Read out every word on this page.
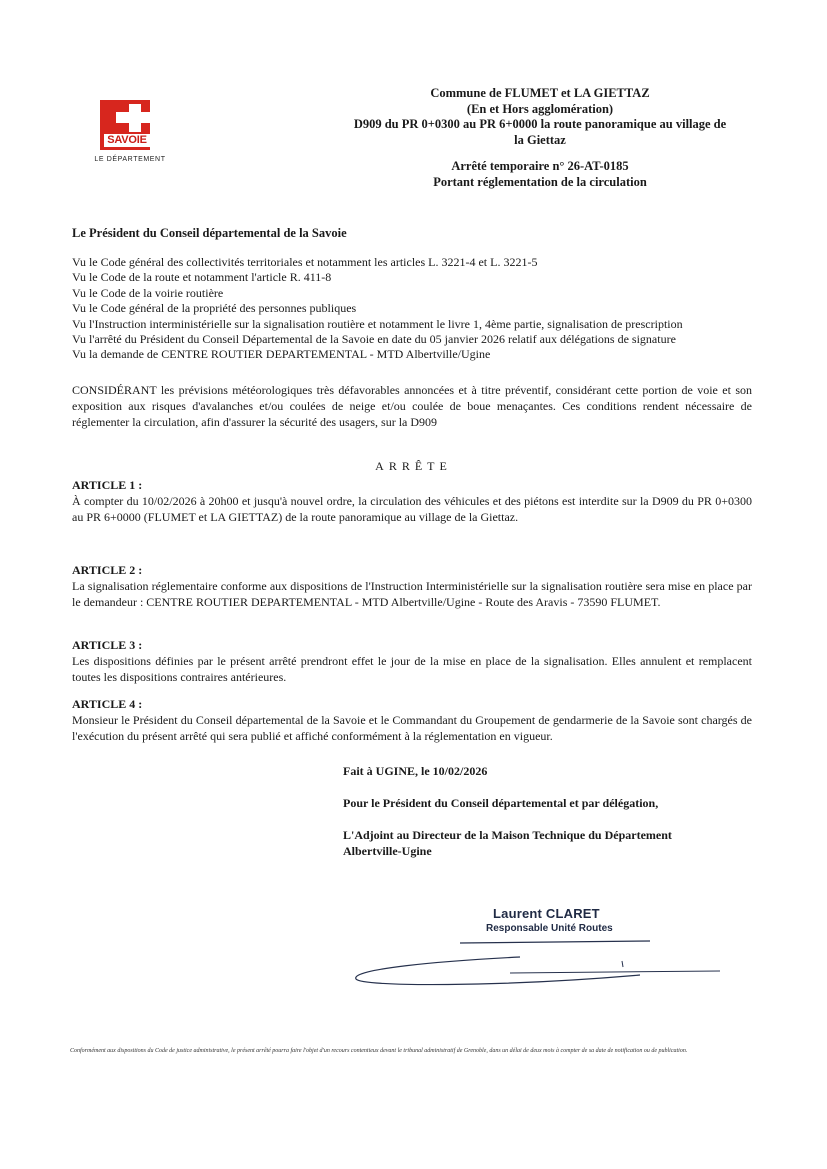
SAVOIE
LE DÉPARTEMENT
Commune de FLUMET et LA GIETTAZ
(En et Hors agglomération)
D909 du PR 0+0300 au PR 6+0000 la route panoramique au village de
la Giettaz
Arrêté temporaire n° 26-AT-0185
Portant réglementation de la circulation
Le Président du Conseil départemental de la Savoie
Vu le Code général des collectivités territoriales et notamment les articles L. 3221-4 et L. 3221-5
Vu le Code de la route et notamment l'article R. 411-8
Vu le Code de la voirie routière
Vu le Code général de la propriété des personnes publiques
Vu l'Instruction interministérielle sur la signalisation routière et notamment le livre 1, 4ème partie, signalisation de prescription
Vu l'arrêté du Président du Conseil Départemental de la Savoie en date du 05 janvier 2026 relatif aux délégations de signature
Vu la demande de CENTRE ROUTIER DEPARTEMENTAL - MTD Albertville/Ugine
CONSIDÉRANT les prévisions météorologiques très défavorables annoncées et à titre préventif, considérant cette portion de voie et son exposition aux risques d'avalanches et/ou coulées de neige et/ou coulée de boue menaçantes. Ces conditions rendent nécessaire de réglementer la circulation, afin d'assurer la sécurité des usagers, sur la D909
ARRÊTE
ARTICLE 1 :
À compter du 10/02/2026 à 20h00 et jusqu'à nouvel ordre, la circulation des véhicules et des piétons est interdite sur la D909 du PR 0+0300 au PR 6+0000 (FLUMET et LA GIETTAZ) de la route panoramique au village de la Giettaz.
ARTICLE 2 :
La signalisation réglementaire conforme aux dispositions de l'Instruction Interministérielle sur la signalisation routière sera mise en place par le demandeur : CENTRE ROUTIER DEPARTEMENTAL - MTD Albertville/Ugine - Route des Aravis - 73590 FLUMET.
ARTICLE 3 :
Les dispositions définies par le présent arrêté prendront effet le jour de la mise en place de la signalisation. Elles annulent et remplacent toutes les dispositions contraires antérieures.
ARTICLE 4 :
Monsieur le Président du Conseil départemental de la Savoie et le Commandant du Groupement de gendarmerie de la Savoie sont chargés de l'exécution du présent arrêté qui sera publié et affiché conformément à la réglementation en vigueur.
Fait à UGINE, le 10/02/2026
Pour le Président du Conseil départemental et par délégation,
L'Adjoint au Directeur de la Maison Technique du Département
Albertville-Ugine
Laurent CLARET
Responsable Unité Routes
Conformément aux dispositions du Code de justice administrative, le présent arrêté pourra faire l'objet d'un recours contentieux devant le tribunal administratif de Grenoble, dans un délai de deux mois à compter de sa date de notification ou de publication.
